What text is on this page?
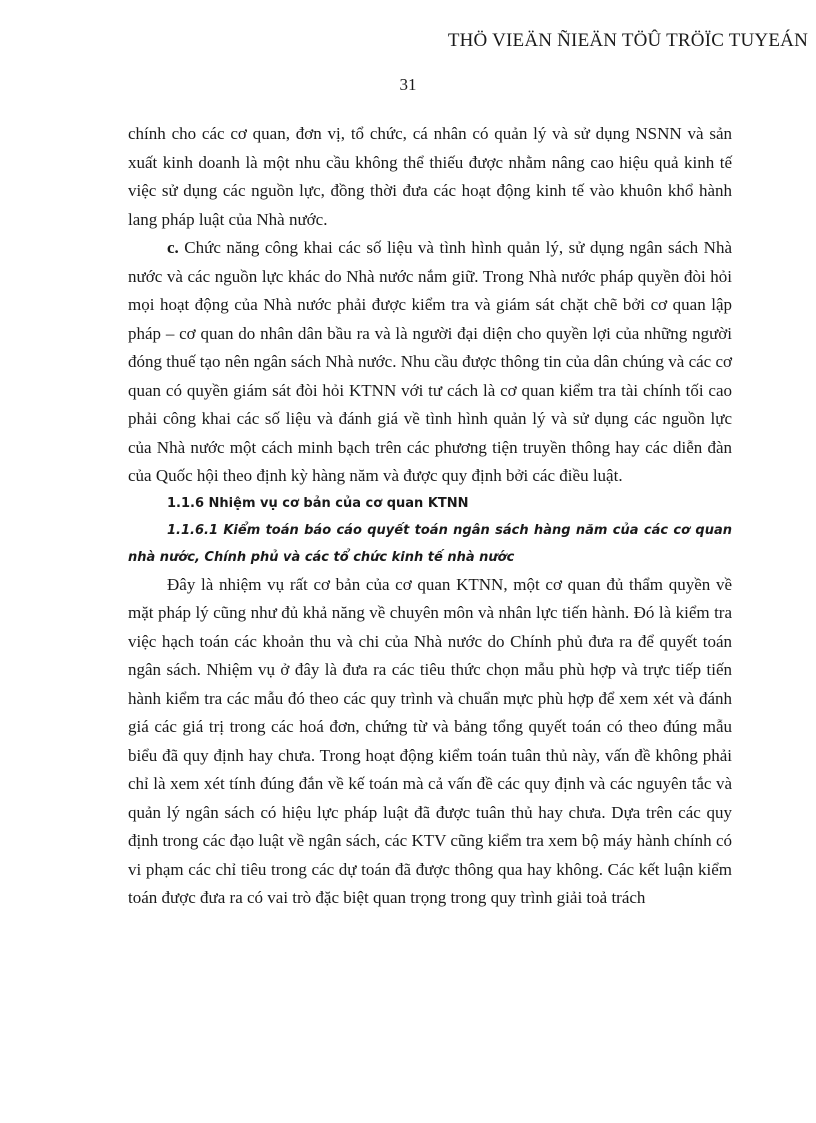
THÖ VIEÄN ÑIEÄN TÖÛ TRÖÏC TUYEÁN
31

chính cho các cơ quan, đơn vị, tổ chức, cá nhân có quản lý và sử dụng NSNN và sản xuất kinh doanh là một nhu cầu không thể thiếu được nhằm nâng cao hiệu quả kinh tế việc sử dụng các nguồn lực, đồng thời đưa các hoạt động kinh tế vào khuôn khổ hành lang pháp luật của Nhà nước.

c. Chức năng công khai các số liệu và tình hình quản lý, sử dụng ngân sách Nhà nước và các nguồn lực khác do Nhà nước nắm giữ. Trong Nhà nước pháp quyền đòi hỏi mọi hoạt động của Nhà nước phải được kiểm tra và giám sát chặt chẽ bởi cơ quan lập pháp – cơ quan do nhân dân bầu ra và là người đại diện cho quyền lợi của những người đóng thuế tạo nên ngân sách Nhà nước. Nhu cầu được thông tin của dân chúng và các cơ quan có quyền giám sát đòi hỏi KTNN với tư cách là cơ quan kiểm tra tài chính tối cao phải công khai các số liệu và đánh giá về tình hình quản lý và sử dụng các nguồn lực của Nhà nước một cách minh bạch trên các phương tiện truyền thông hay các diễn đàn của Quốc hội theo định kỳ hàng năm và được quy định bởi các điều luật.

1.1.6 Nhiệm vụ cơ bản của cơ quan KTNN

1.1.6.1 Kiểm toán báo cáo quyết toán ngân sách hàng năm của các cơ quan nhà nước, Chính phủ và các tổ chức kinh tế nhà nước

Đây là nhiệm vụ rất cơ bản của cơ quan KTNN, một cơ quan đủ thẩm quyền về mặt pháp lý cũng như đủ khả năng về chuyên môn và nhân lực tiến hành. Đó là kiểm tra việc hạch toán các khoản thu và chi của Nhà nước do Chính phủ đưa ra để quyết toán ngân sách. Nhiệm vụ ở đây là đưa ra các tiêu thức chọn mẫu phù hợp và trực tiếp tiến hành kiểm tra các mẫu đó theo các quy trình và chuẩn mực phù hợp để xem xét và đánh giá các giá trị trong các hoá đơn, chứng từ và bảng tổng quyết toán có theo đúng mẫu biểu đã quy định hay chưa. Trong hoạt động kiểm toán tuân thủ này, vấn đề không phải chỉ là xem xét tính đúng đắn về kế toán mà cả vấn đề các quy định và các nguyên tắc và quản lý ngân sách có hiệu lực pháp luật đã được tuân thủ hay chưa. Dựa trên các quy định trong các đạo luật về ngân sách, các KTV cũng kiểm tra xem bộ máy hành chính có vi phạm các chỉ tiêu trong các dự toán đã được thông qua hay không. Các kết luận kiểm toán được đưa ra có vai trò đặc biệt quan trọng trong quy trình giải toả trách
